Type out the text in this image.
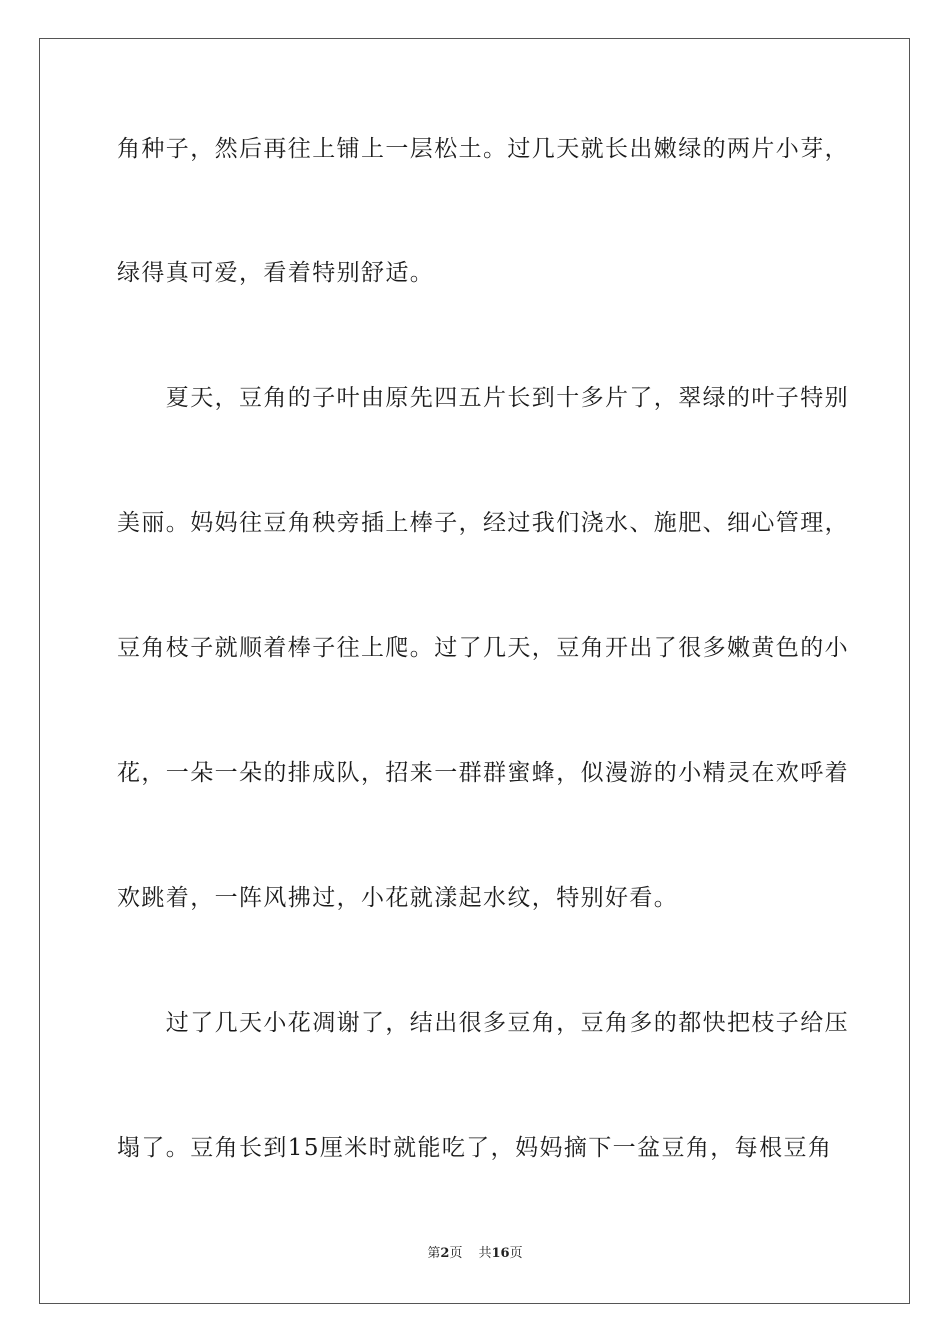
角种子，然后再往上铺上一层松土。过几天就长出嫩绿的两片小芽，
绿得真可爱，看着特别舒适。
　　夏天，豆角的子叶由原先四五片长到十多片了，翠绿的叶子特别
美丽。妈妈往豆角秧旁插上棒子，经过我们浇水、施肥、细心管理，
豆角枝子就顺着棒子往上爬。过了几天，豆角开出了很多嫩黄色的小
花，一朵一朵的排成队，招来一群群蜜蜂，似漫游的小精灵在欢呼着
欢跳着，一阵风拂过，小花就漾起水纹，特别好看。
　　过了几天小花凋谢了，结出很多豆角，豆角多的都快把枝子给压
塌了。豆角长到15厘米时就能吃了，妈妈摘下一盆豆角，每根豆角
第2页 共16页
